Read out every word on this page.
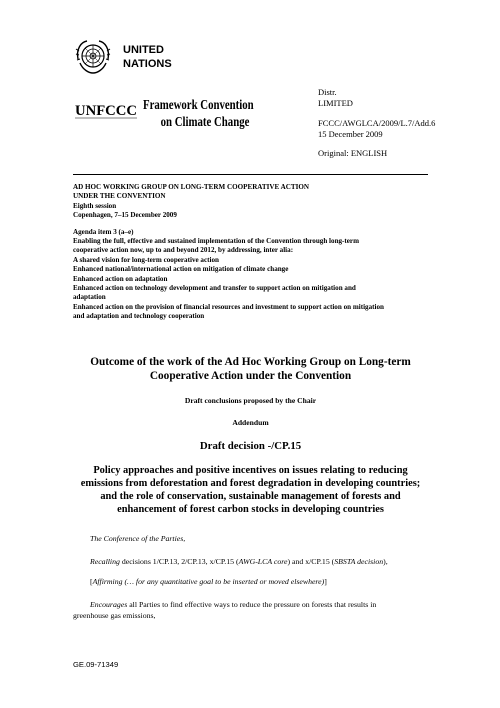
UNITED
NATIONS
UNFCCC Framework Convention
on Climate Change
Distr.
LIMITED
FCCC/AWGLCA/2009/L.7/Add.6
15 December 2009
Original: ENGLISH
AD HOC WORKING GROUP ON LONG-TERM COOPERATIVE ACTION
UNDER THE CONVENTION
Eighth session
Copenhagen, 7–15 December 2009
Agenda item 3 (a–e)
Enabling the full, effective and sustained implementation of the Convention through long-term
cooperative action now, up to and beyond 2012, by addressing, inter alia:
A shared vision for long-term cooperative action
Enhanced national/international action on mitigation of climate change
Enhanced action on adaptation
Enhanced action on technology development and transfer to support action on mitigation and
adaptation
Enhanced action on the provision of financial resources and investment to support action on mitigation
and adaptation and technology cooperation
Outcome of the work of the Ad Hoc Working Group on Long-term
Cooperative Action under the Convention
Draft conclusions proposed by the Chair
Addendum
Draft decision -/CP.15
Policy approaches and positive incentives on issues relating to reducing
emissions from deforestation and forest degradation in developing countries;
and the role of conservation, sustainable management of forests and
enhancement of forest carbon stocks in developing countries
The Conference of the Parties,
Recalling decisions 1/CP.13, 2/CP.13, x/CP.15 (AWG-LCA core) and x/CP.15 (SBSTA decision),
[Affirming (… for any quantitative goal to be inserted or moved elsewhere)]
Encourages all Parties to find effective ways to reduce the pressure on forests that results in
greenhouse gas emissions,
GE.09-71349
